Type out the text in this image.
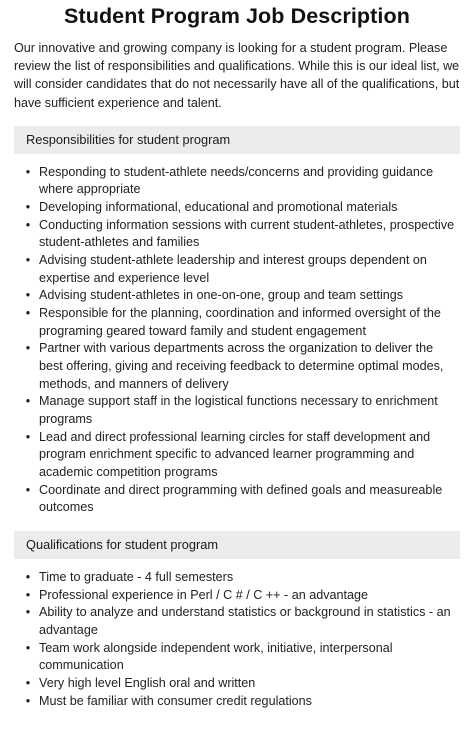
Student Program Job Description

Our innovative and growing company is looking for a student program. Please review the list of responsibilities and qualifications. While this is our ideal list, we will consider candidates that do not necessarily have all of the qualifications, but have sufficient experience and talent.

Responsibilities for student program
• Responding to student-athlete needs/concerns and providing guidance where appropriate
• Developing informational, educational and promotional materials
• Conducting information sessions with current student-athletes, prospective student-athletes and families
• Advising student-athlete leadership and interest groups dependent on expertise and experience level
• Advising student-athletes in one-on-one, group and team settings
• Responsible for the planning, coordination and informed oversight of the programing geared toward family and student engagement
• Partner with various departments across the organization to deliver the best offering, giving and receiving feedback to determine optimal modes, methods, and manners of delivery
• Manage support staff in the logistical functions necessary to enrichment programs
• Lead and direct professional learning circles for staff development and program enrichment specific to advanced learner programming and academic competition programs
• Coordinate and direct programming with defined goals and measureable outcomes
Qualifications for student program
• Time to graduate - 4 full semesters
• Professional experience in Perl / C # / C ++ - an advantage
• Ability to analyze and understand statistics or background in statistics - an advantage
• Team work alongside independent work, initiative, interpersonal communication
• Very high level English oral and written
• Must be familiar with consumer credit regulations
